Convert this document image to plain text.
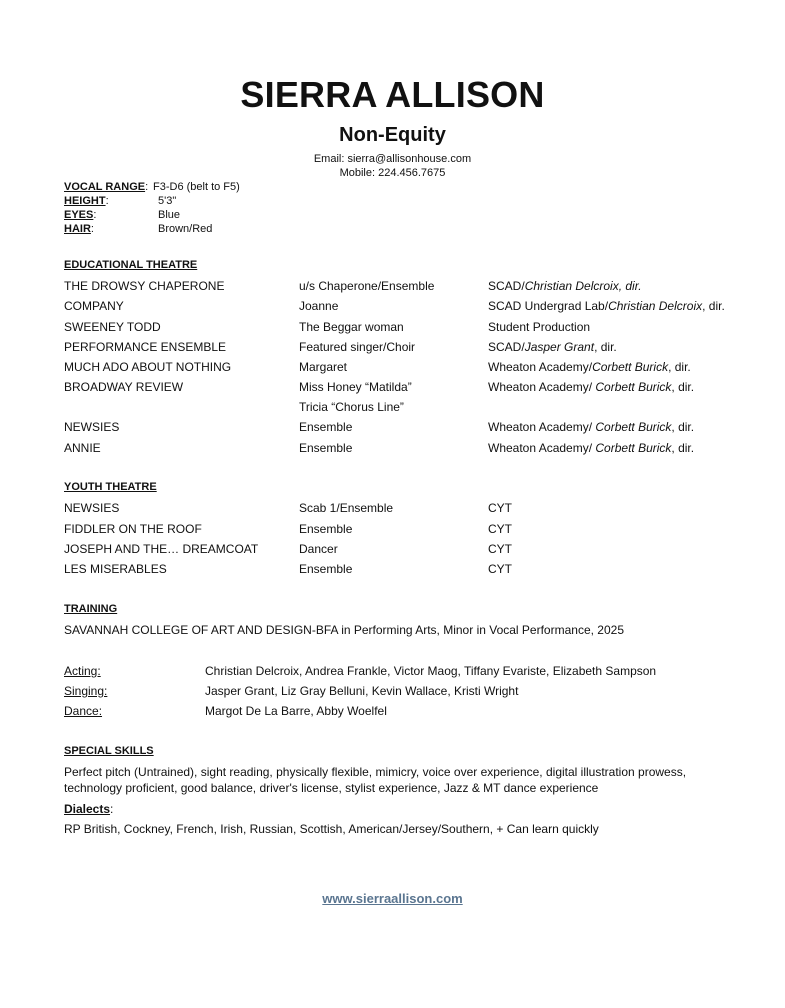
SIERRA ALLISON
Non-Equity
Email: sierra@allisonhouse.com
Mobile: 224.456.7675
VOCAL RANGE: F3-D6 (belt to F5)
HEIGHT:	5'3"
EYES:	Blue
HAIR:	Brown/Red
EDUCATIONAL THEATRE
THE DROWSY CHAPERONE	u/s Chaperone/Ensemble	SCAD/Christian Delcroix, dir.
COMPANY	Joanne	SCAD Undergrad Lab/Christian Delcroix, dir.
SWEENEY TODD	The Beggar woman	Student Production
PERFORMANCE ENSEMBLE	Featured singer/Choir	SCAD/Jasper Grant, dir.
MUCH ADO ABOUT NOTHING	Margaret	Wheaton Academy/Corbett Burick, dir.
BROADWAY REVIEW	Miss Honey “Matilda”	Wheaton Academy/ Corbett Burick, dir.
Tricia “Chorus Line”
NEWSIES	Ensemble	Wheaton Academy/ Corbett Burick, dir.
ANNIE	Ensemble	Wheaton Academy/ Corbett Burick, dir.
YOUTH THEATRE
NEWSIES	Scab 1/Ensemble	CYT
FIDDLER ON THE ROOF	Ensemble	CYT
JOSEPH AND THE… DREAMCOAT	Dancer	CYT
LES MISERABLES	Ensemble	CYT
TRAINING
SAVANNAH COLLEGE OF ART AND DESIGN-BFA in Performing Arts, Minor in Vocal Performance, 2025
Acting:	Christian Delcroix, Andrea Frankle, Victor Maog, Tiffany Evariste, Elizabeth Sampson
Singing:	Jasper Grant, Liz Gray Belluni, Kevin Wallace, Kristi Wright
Dance:	Margot De La Barre, Abby Woelfel
SPECIAL SKILLS
Perfect pitch (Untrained), sight reading, physically flexible, mimicry, voice over experience, digital illustration prowess,
technology proficient, good balance, driver's license, stylist experience, Jazz & MT dance experience
Dialects:
RP British, Cockney, French, Irish, Russian, Scottish, American/Jersey/Southern, + Can learn quickly
www.sierraallison.com
